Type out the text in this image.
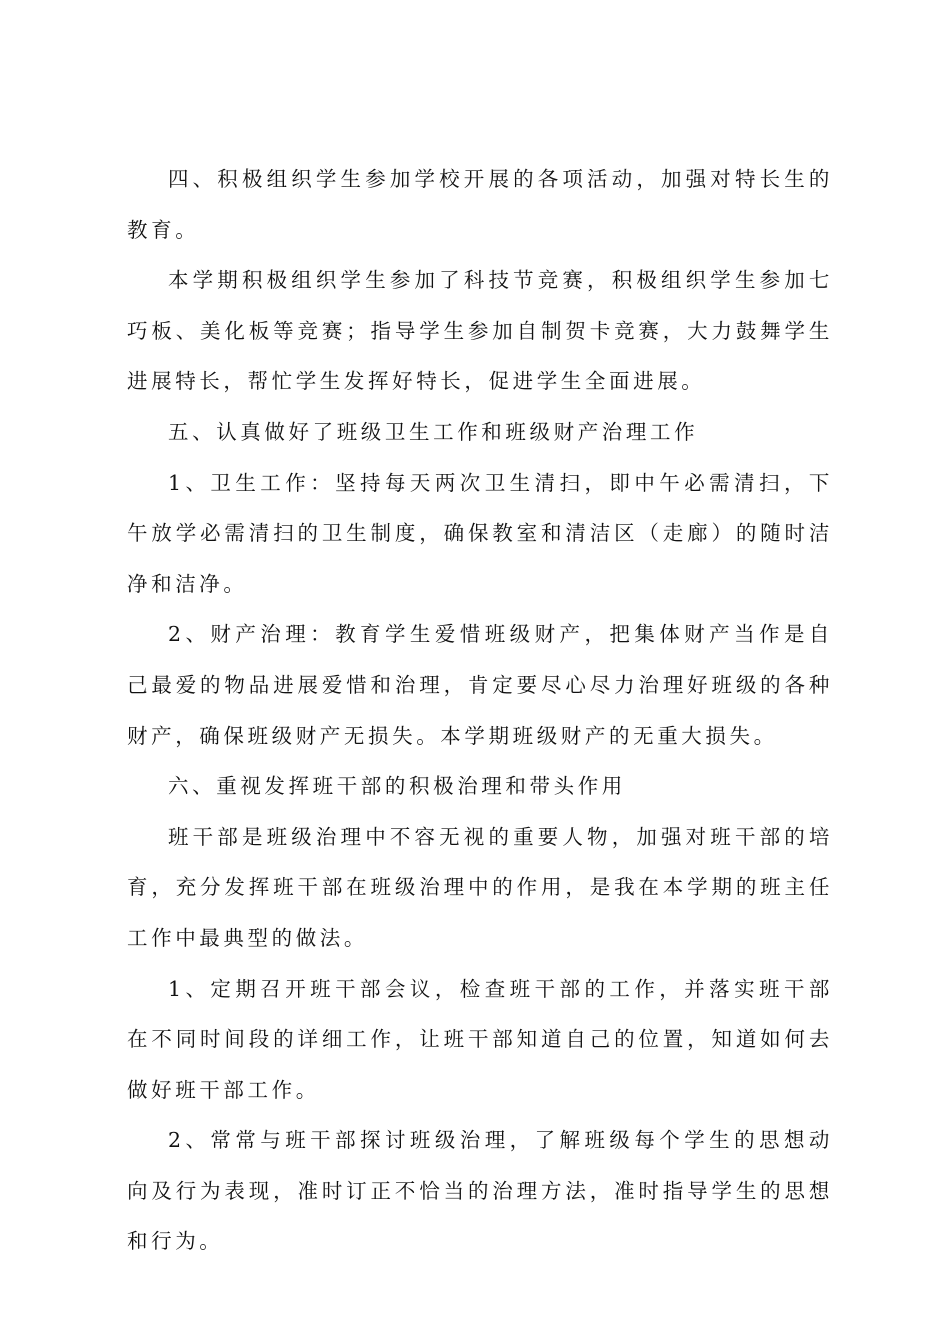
四、积极组织学生参加学校开展的各项活动，加强对特长生的教育。

本学期积极组织学生参加了科技节竞赛，积极组织学生参加七巧板、美化板等竞赛；指导学生参加自制贺卡竞赛，大力鼓舞学生进展特长，帮忙学生发挥好特长，促进学生全面进展。

五、认真做好了班级卫生工作和班级财产治理工作

1、卫生工作：坚持每天两次卫生清扫，即中午必需清扫，下午放学必需清扫的卫生制度，确保教室和清洁区（走廊）的随时洁净和洁净。

2、财产治理：教育学生爱惜班级财产，把集体财产当作是自己最爱的物品进展爱惜和治理，肯定要尽心尽力治理好班级的各种财产，确保班级财产无损失。本学期班级财产的无重大损失。

六、重视发挥班干部的积极治理和带头作用

班干部是班级治理中不容无视的重要人物，加强对班干部的培育，充分发挥班干部在班级治理中的作用，是我在本学期的班主任工作中最典型的做法。

1、定期召开班干部会议，检查班干部的工作，并落实班干部在不同时间段的详细工作，让班干部知道自己的位置，知道如何去做好班干部工作。

2、常常与班干部探讨班级治理，了解班级每个学生的思想动向及行为表现，准时订正不恰当的治理方法，准时指导学生的思想和行为。
